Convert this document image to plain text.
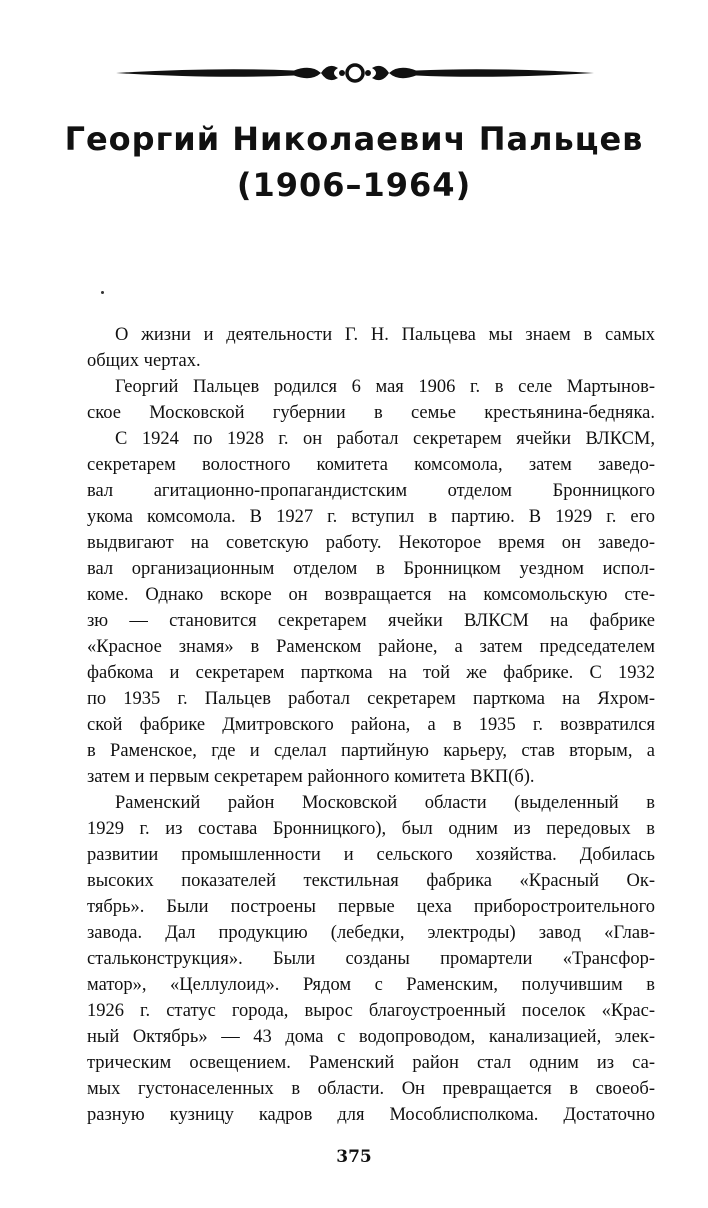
Георгий Николаевич Пальцев
(1906–1964)
О жизни и деятельности Г. Н. Пальцева мы знаем в самых
общих чертах.
Георгий Пальцев родился 6 мая 1906 г. в селе Мартынов-
ское Московской губернии в семье крестьянина-бедняка.
С 1924 по 1928 г. он работал секретарем ячейки ВЛКСМ,
секретарем волостного комитета комсомола, затем заведо-
вал агитационно-пропагандистским отделом Бронницкого
укома комсомола. В 1927 г. вступил в партию. В 1929 г. его
выдвигают на советскую работу. Некоторое время он заведо-
вал организационным отделом в Бронницком уездном испол-
коме. Однако вскоре он возвращается на комсомольскую сте-
зю — становится секретарем ячейки ВЛКСМ на фабрике
«Красное знамя» в Раменском районе, а затем председателем
фабкома и секретарем парткома на той же фабрике. С 1932
по 1935 г. Пальцев работал секретарем парткома на Яхром-
ской фабрике Дмитровского района, а в 1935 г. возвратился
в Раменское, где и сделал партийную карьеру, став вторым, а
затем и первым секретарем районного комитета ВКП(б).
Раменский район Московской области (выделенный в
1929 г. из состава Бронницкого), был одним из передовых в
развитии промышленности и сельского хозяйства. Добилась
высоких показателей текстильная фабрика «Красный Ок-
тябрь». Были построены первые цеха приборостроительного
завода. Дал продукцию (лебедки, электроды) завод «Глав-
стальконструкция». Были созданы промартели «Трансфор-
матор», «Целлулоид». Рядом с Раменским, получившим в
1926 г. статус города, вырос благоустроенный поселок «Крас-
ный Октябрь» — 43 дома с водопроводом, канализацией, элек-
трическим освещением. Раменский район стал одним из са-
мых густонаселенных в области. Он превращается в своеоб-
разную кузницу кадров для Мособлисполкома. Достаточно
375
